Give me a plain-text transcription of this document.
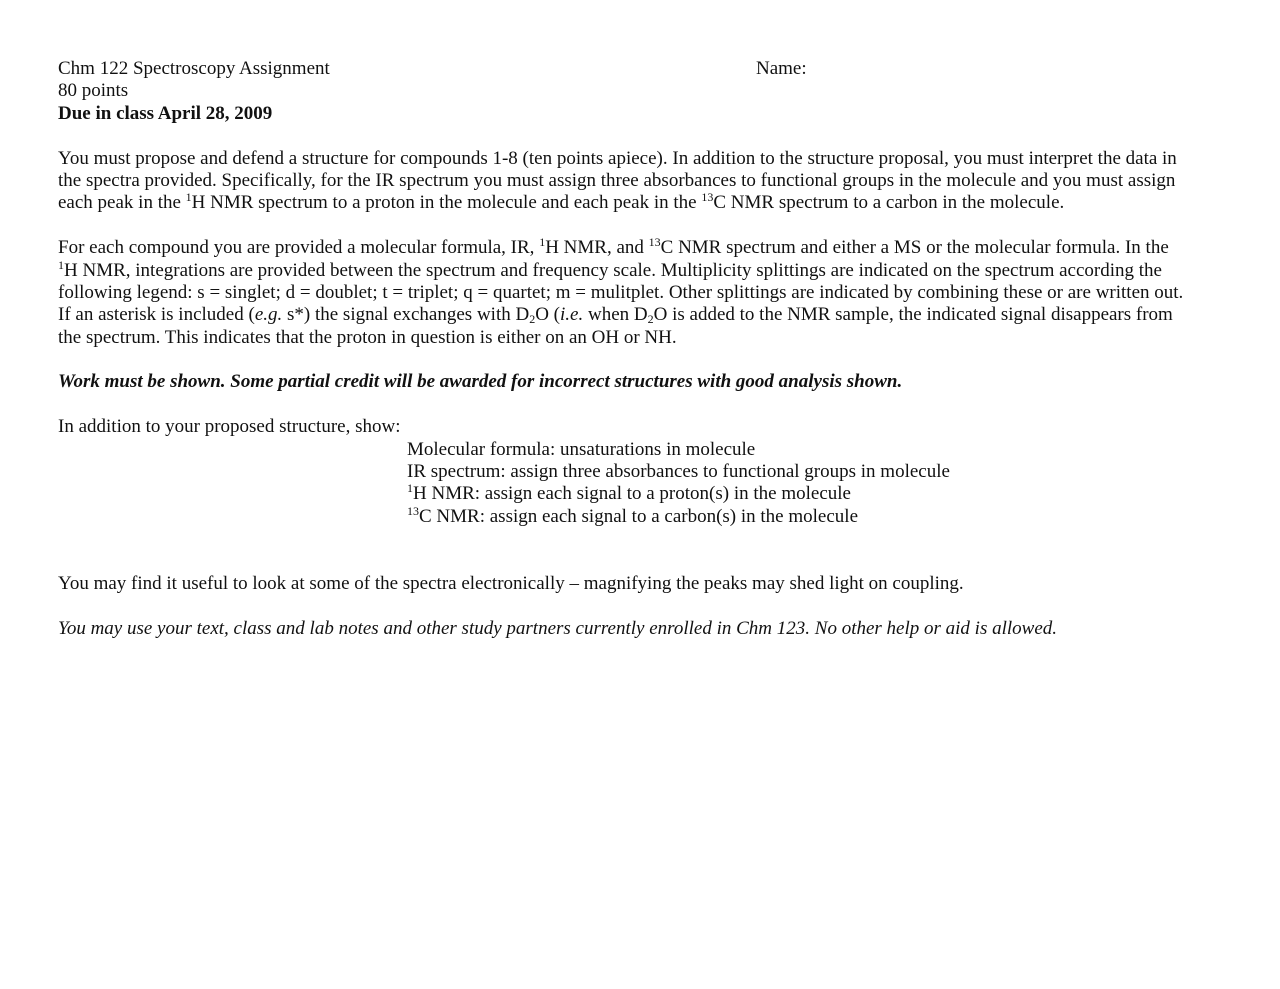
Chm 122 Spectroscopy Assignment	Name:
80 points
Due in class April 28, 2009
You must propose and defend a structure for compounds 1-8 (ten points apiece). In addition to the structure proposal, you must interpret the data in
the spectra provided. Specifically, for the IR spectrum you must assign three absorbances to functional groups in the molecule and you must assign
each peak in the $^1$H NMR spectrum to a proton in the molecule and each peak in the $^{13}$C NMR spectrum to a carbon in the molecule.
For each compound you are provided a molecular formula, IR, $^1$H NMR, and $^{13}$C NMR spectrum and either a MS or the molecular formula. In the
$^1$H NMR, integrations are provided between the spectrum and frequency scale. Multiplicity splittings are indicated on the spectrum according the
following legend: s = singlet; d = doublet; t = triplet; q = quartet; m = mulitplet. Other splittings are indicated by combining these or are written out.
If an asterisk is included (e.g. s*) the signal exchanges with $D_2O$ (i.e. when $D_2O$ is added to the NMR sample, the indicated signal disappears from
the spectrum. This indicates that the proton in question is either on an OH or NH.
Work must be shown. Some partial credit will be awarded for incorrect structures with good analysis shown.
In addition to your proposed structure, show:
Molecular formula: unsaturations in molecule
IR spectrum: assign three absorbances to functional groups in molecule
$^1$H NMR: assign each signal to a proton(s) in the molecule
$^{13}$C NMR: assign each signal to a carbon(s) in the molecule
You may find it useful to look at some of the spectra electronically – magnifying the peaks may shed light on coupling.
You may use your text, class and lab notes and other study partners currently enrolled in Chm 123. No other help or aid is allowed.
